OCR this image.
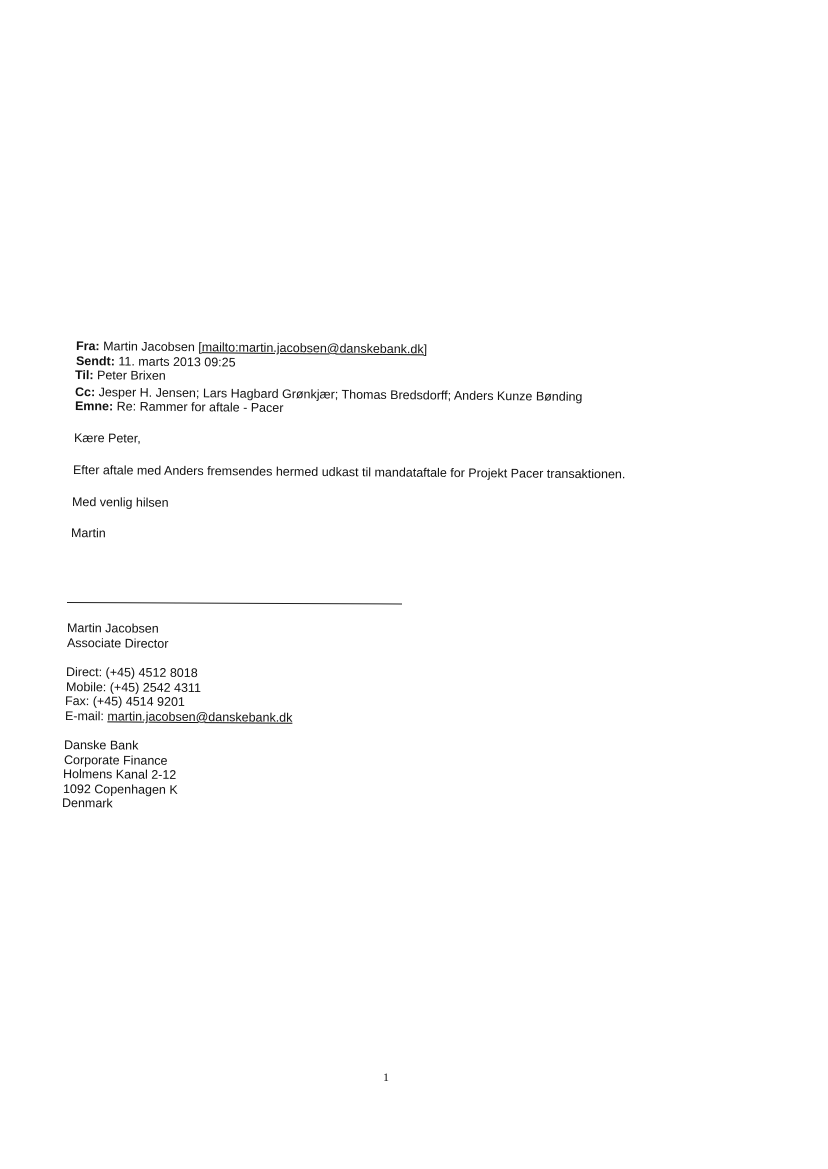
Fra: Martin Jacobsen [mailto:martin.jacobsen@danskebank.dk]
Sendt: 11. marts 2013 09:25
Til: Peter Brixen
Cc: Jesper H. Jensen; Lars Hagbard Grønkjær; Thomas Bredsdorff; Anders Kunze Bønding
Emne: Re: Rammer for aftale - Pacer
Kære Peter,
Efter aftale med Anders fremsendes hermed udkast til mandataftale for Projekt Pacer transaktionen.
Med venlig hilsen
Martin
Martin Jacobsen
Associate Director
Direct: (+45) 4512 8018
Mobile: (+45) 2542 4311
Fax: (+45) 4514 9201
E-mail: martin.jacobsen@danskebank.dk
Danske Bank
Corporate Finance
Holmens Kanal 2-12
1092 Copenhagen K
Denmark
1
